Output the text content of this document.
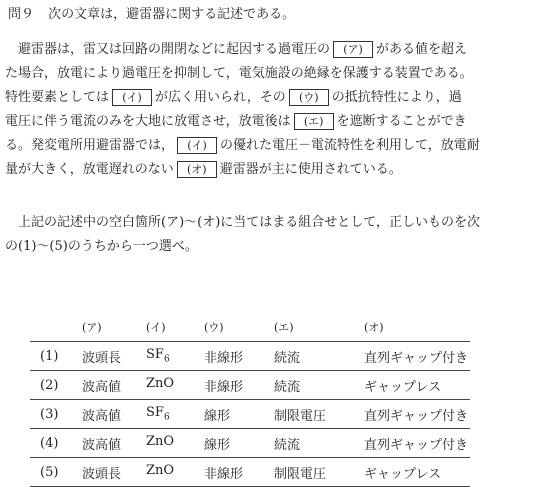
問９ 次の文章は，避雷器に関する記述である。
　避雷器は，雷又は回路の開閉などに起因する過電圧の (ア) がある値を超え
た場合，放電により過電圧を抑制して，電気施設の絶縁を保護する装置である。
特性要素としては (イ) が広く用いられ，その (ウ) の抵抗特性により，過
電圧に伴う電流のみを大地に放電させ，放電後は (エ) を遮断することができ
る。発変電所用避雷器では， (イ) の優れた電圧－電流特性を利用して，放電耐
量が大きく，放電遅れのない (オ) 避雷器が主に使用されている。
　上記の記述中の空白箇所(ア)～(オ)に当てはまる組合せとして，正しいものを次
の(1)～(5)のうちから一つ選べ。
	(ア)	(イ)	(ウ)	(エ)	(オ)
(1)	波頭長	$SF_6$	非線形	続流	直列ギャップ付き
(2)	波高値	ZnO	非線形	続流	ギャップレス
(3)	波高値	$SF_6$	線形	制限電圧	直列ギャップ付き
(4)	波高値	ZnO	線形	続流	直列ギャップ付き
(5)	波頭長	ZnO	非線形	制限電圧	ギャップレス
